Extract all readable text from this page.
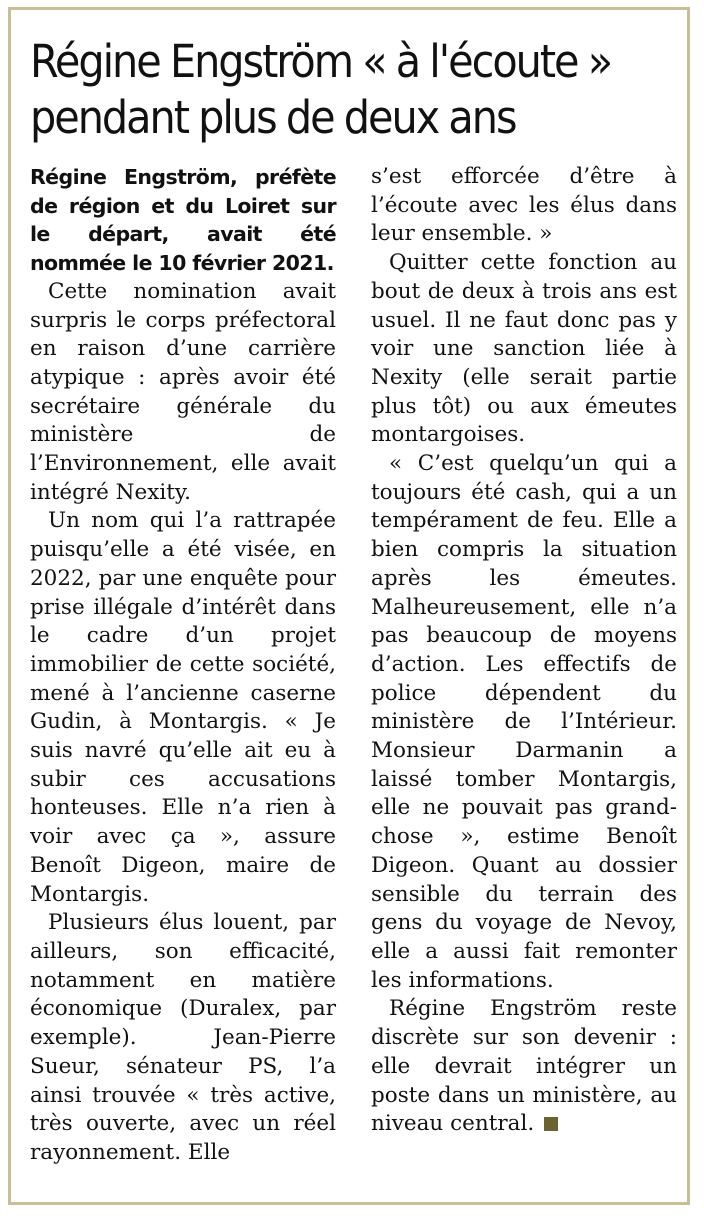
Régine Engström « à l'écoute » pendant plus de deux ans
Régine Engström, préfète de région et du Loiret sur le départ, avait été nommée le 10 février 2021.

Cette nomination avait surpris le corps préfectoral en raison d’une carrière atypique : après avoir été secrétaire générale du ministère de l’Environnement, elle avait intégré Nexity.

Un nom qui l’a rattrapée puisqu’elle a été visée, en 2022, par une enquête pour prise illégale d’intérêt dans le cadre d’un projet immobilier de cette société, mené à l’ancienne caserne Gudin, à Montargis. « Je suis navré qu’elle ait eu à subir ces accusations honteuses. Elle n’a rien à voir avec ça », assure Benoît Digeon, maire de Montargis.

Plusieurs élus louent, par ailleurs, son efficacité, notamment en matière économique (Duralex, par exemple). Jean-Pierre Sueur, sénateur PS, l’a ainsi trouvée « très active, très ouverte, avec un réel rayonnement. Elle

s’est efforcée d’être à l’écoute avec les élus dans leur ensemble. »

Quitter cette fonction au bout de deux à trois ans est usuel. Il ne faut donc pas y voir une sanction liée à Nexity (elle serait partie plus tôt) ou aux émeutes montargoises.

« C’est quelqu’un qui a toujours été cash, qui a un tempérament de feu. Elle a bien compris la situation après les émeutes. Malheureusement, elle n’a pas beaucoup de moyens d’action. Les effectifs de police dépendent du ministère de l’Intérieur. Monsieur Darmanin a laissé tomber Montargis, elle ne pouvait pas grand-chose », estime Benoît Digeon. Quant au dossier sensible du terrain des gens du voyage de Nevoy, elle a aussi fait remonter les informations.

Régine Engström reste discrète sur son devenir : elle devrait intégrer un poste dans un ministère, au niveau central.
